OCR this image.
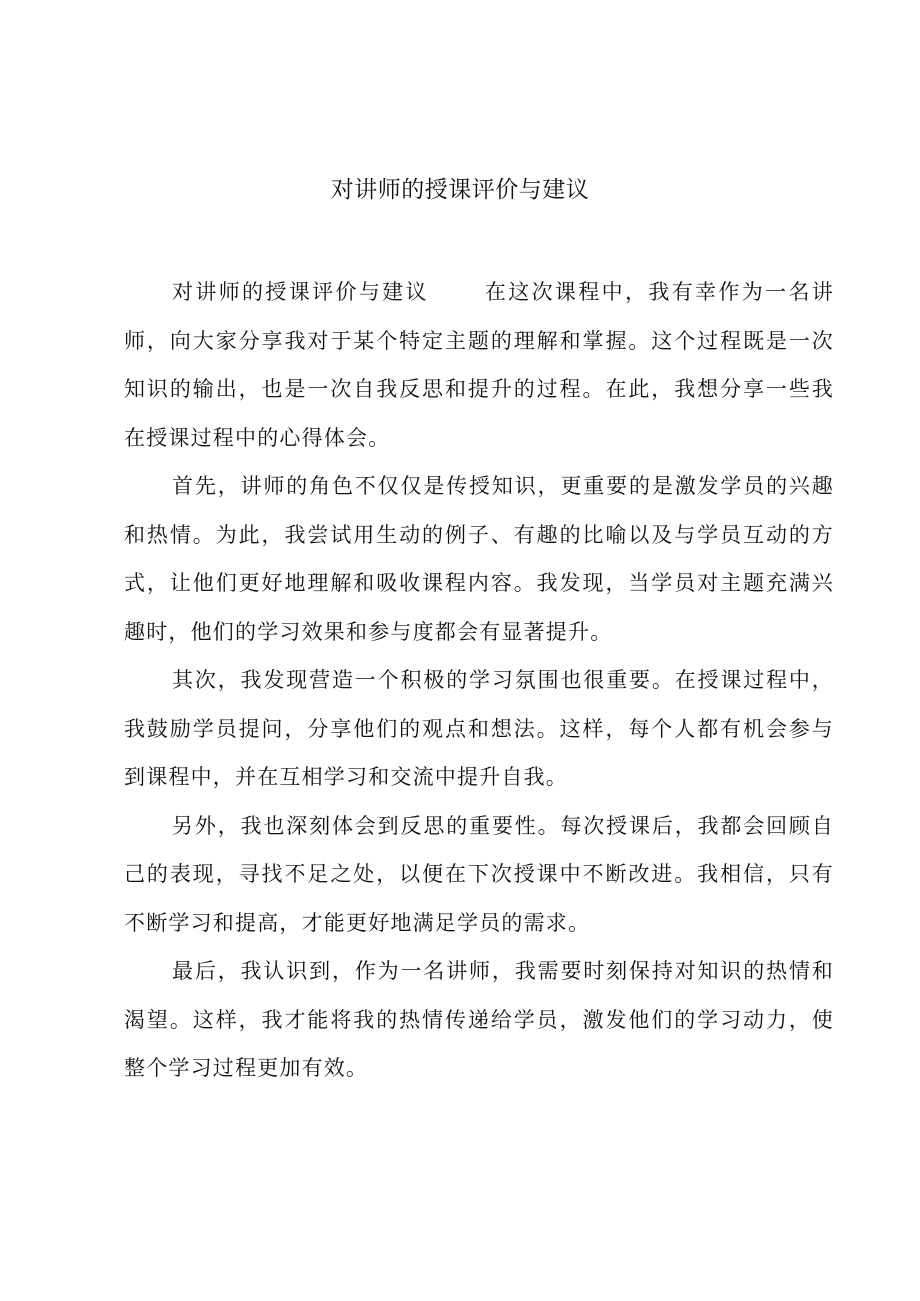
对讲师的授课评价与建议

对讲师的授课评价与建议	在这次课程中，我有幸作为一名讲师，向大家分享我对于某个特定主题的理解和掌握。这个过程既是一次知识的输出，也是一次自我反思和提升的过程。在此，我想分享一些我在授课过程中的心得体会。

首先，讲师的角色不仅仅是传授知识，更重要的是激发学员的兴趣和热情。为此，我尝试用生动的例子、有趣的比喻以及与学员互动的方式，让他们更好地理解和吸收课程内容。我发现，当学员对主题充满兴趣时，他们的学习效果和参与度都会有显著提升。

其次，我发现营造一个积极的学习氛围也很重要。在授课过程中，我鼓励学员提问，分享他们的观点和想法。这样，每个人都有机会参与到课程中，并在互相学习和交流中提升自我。

另外，我也深刻体会到反思的重要性。每次授课后，我都会回顾自己的表现，寻找不足之处，以便在下次授课中不断改进。我相信，只有不断学习和提高，才能更好地满足学员的需求。

最后，我认识到，作为一名讲师，我需要时刻保持对知识的热情和渴望。这样，我才能将我的热情传递给学员，激发他们的学习动力，使整个学习过程更加有效。
